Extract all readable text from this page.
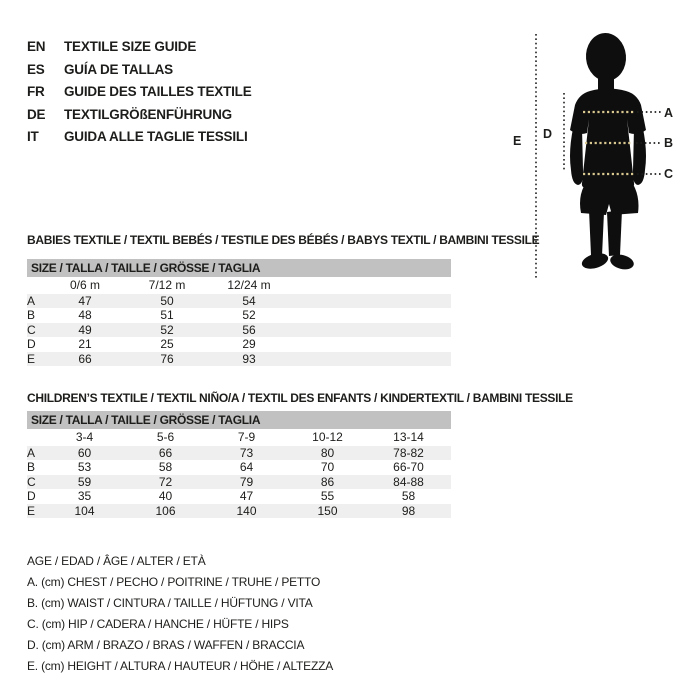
EN TEXTILE SIZE GUIDE
ES GUÍA DE TALLAS
FR GUIDE DES TAILLES TEXTILE
DE TEXTILGRÖßENFÜHRUNG
IT GUIDA ALLE TAGLIE TESSILI
A
B
C
D
E
BABIES TEXTILE / TEXTIL BEBÉS / TESTILE DES BÉBÉS / BABYS TEXTIL / BAMBINI TESSILE
SIZE / TALLA / TAILLE / GRÖSSE / TAGLIA
	0/6 m	7/12 m	12/24 m	
A	47	50	54	
B	48	51	52	
C	49	52	56	
D	21	25	29	
E	66	76	93	
CHILDREN’S TEXTILE / TEXTIL NIÑO/A / TEXTIL DES ENFANTS / KINDERTEXTIL / BAMBINI TESSILE
SIZE / TALLA / TAILLE / GRÖSSE / TAGLIA
	3-4	5-6	7-9	10-12	13-14	
A	60	66	73	80	78-82	
B	53	58	64	70	66-70	
C	59	72	79	86	84-88	
D	35	40	47	55	58	
E	104	106	140	150	98	
AGE / EDAD / ÂGE / ALTER / ETÀ
A. (cm) CHEST / PECHO / POITRINE / TRUHE / PETTO
B. (cm) WAIST / CINTURA / TAILLE / HÜFTUNG / VITA
C. (cm) HIP / CADERA / HANCHE / HÜFTE / HIPS
D. (cm) ARM / BRAZO / BRAS / WAFFEN / BRACCIA
E. (cm) HEIGHT / ALTURA / HAUTEUR / HÖHE / ALTEZZA
